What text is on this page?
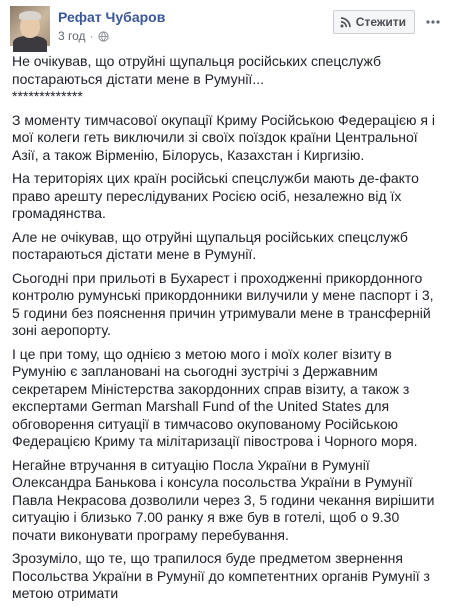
Рефат Чубаров
3 год ·
Стежити

Не очікував, що отруйні щупальця російських спецслужб постараються дістати мене в Румунії...
*************

З моменту тимчасової окупації Криму Російською Федерацією я і мої колеги геть виключили зі своїх поїздок країни Центральної Азії, а також Вірменію, Білорусь, Казахстан і Киргизію.

На територіях цих країн російські спецслужби мають де-факто право арешту переслідуваних Росією осіб, незалежно від їх громадянства.

Але не очікував, що отруйні щупальця російських спецслужб постараються дістати мене в Румунії.

Сьогодні при прильоті в Бухарест і проходженні прикордонного контролю румунські прикордонники вилучили у мене паспорт і 3, 5 години без пояснення причин утримували мене в трансферній зоні аеропорту.

І це при тому, що однією з метою мого і моїх колег візиту в Румунію є заплановані на сьогодні зустрічі з Державним секретарем Міністерства закордонних справ візиту, а також з експертами German Marshall Fund of the United States для обговорення ситуації в тимчасово окупованому Російською Федерацією Криму та мілітаризації півострова і Чорного моря.

Негайне втручання в ситуацію Посла України в Румунії Олександра Банькова і консула посольства України в Румунії Павла Некрасова дозволили через 3, 5 години чекання вирішити ситуацію і близько 7.00 ранку я вже був в готелі, щоб о 9.30 почати виконувати програму перебування.

Зрозуміло, що те, що трапилося буде предметом звернення Посольства України в Румунії до компетентних органів Румунії з метою отримати
